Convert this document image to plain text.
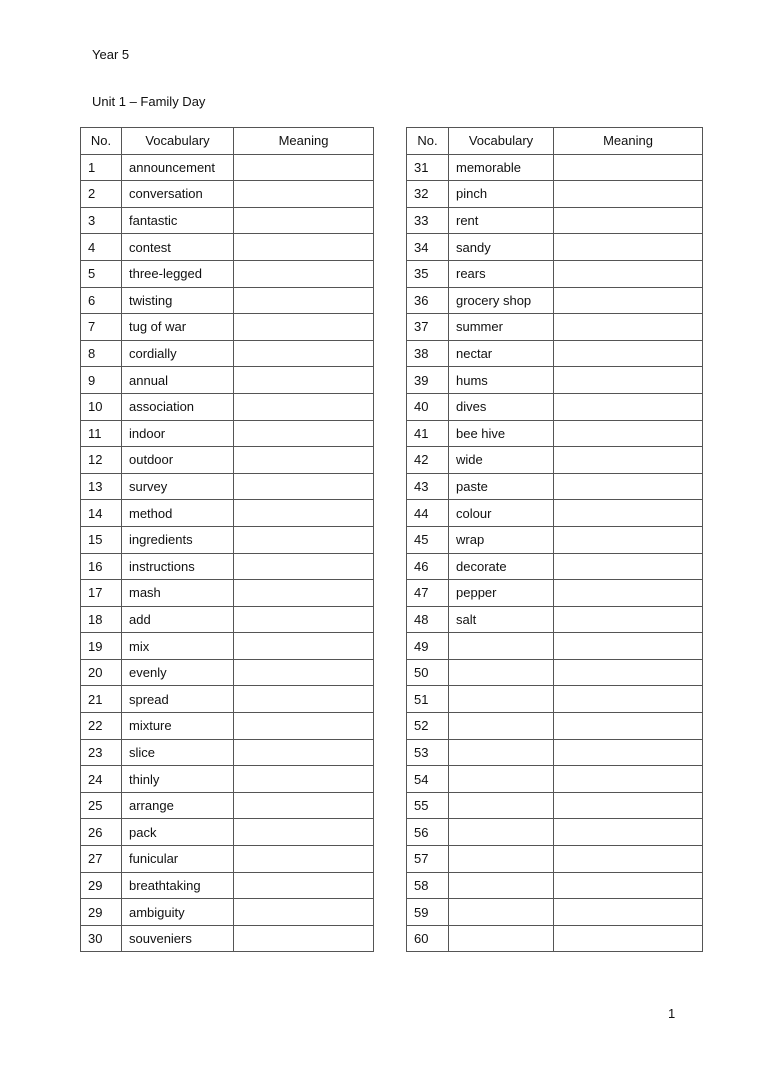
Year 5
Unit 1 – Family Day
No.	Vocabulary	Meaning
1	announcement	
2	conversation	
3	fantastic	
4	contest	
5	three-legged	
6	twisting	
7	tug of war	
8	cordially	
9	annual	
10	association	
11	indoor	
12	outdoor	
13	survey	
14	method	
15	ingredients	
16	instructions	
17	mash	
18	add	
19	mix	
20	evenly	
21	spread	
22	mixture	
23	slice	
24	thinly	
25	arrange	
26	pack	
27	funicular	
29	breathtaking	
29	ambiguity	
30	souveniers	
No.	Vocabulary	Meaning
31	memorable	
32	pinch	
33	rent	
34	sandy	
35	rears	
36	grocery shop	
37	summer	
38	nectar	
39	hums	
40	dives	
41	bee hive	
42	wide	
43	paste	
44	colour	
45	wrap	
46	decorate	
47	pepper	
48	salt	
49		
50		
51		
52		
53		
54		
55		
56		
57		
58		
59		
60		
1
